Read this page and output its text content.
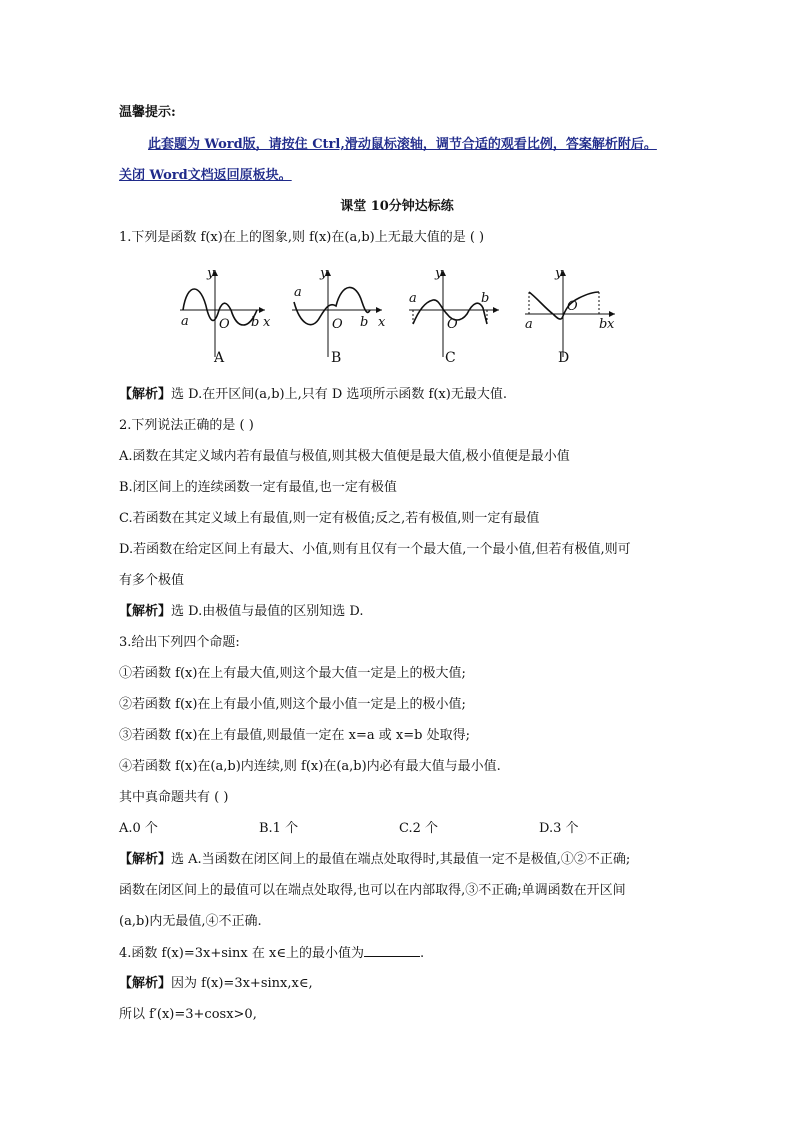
温馨提示:
此套题为 Word版，请按住 Ctrl,滑动鼠标滚轴，调节合适的观看比例，答案解析附后。
关闭 Word文档返回原板块。
课堂 10分钟达标练
1.下列是函数 f(x)在上的图象,则 f(x)在(a,b)上无最大值的是 ( )
y
x
O
a	b
y
x
O
a
b
y
O
a	b
y
x
O
a	b
A	B	C	D
【解析】选 D.在开区间(a,b)上,只有 D 选项所示函数 f(x)无最大值.
2.下列说法正确的是 ( )
A.函数在其定义域内若有最值与极值,则其极大值便是最大值,极小值便是最小值
B.闭区间上的连续函数一定有最值,也一定有极值
C.若函数在其定义域上有最值,则一定有极值;反之,若有极值,则一定有最值
D.若函数在给定区间上有最大、小值,则有且仅有一个最大值,一个最小值,但若有极值,则可
有多个极值
【解析】选 D.由极值与最值的区别知选 D.
3.给出下列四个命题:
①若函数 f(x)在上有最大值,则这个最大值一定是上的极大值;
②若函数 f(x)在上有最小值,则这个最小值一定是上的极小值;
③若函数 f(x)在上有最值,则最值一定在 x=a 或 x=b 处取得;
④若函数 f(x)在(a,b)内连续,则 f(x)在(a,b)内必有最大值与最小值.
其中真命题共有 ( )
A.0 个	B.1 个	C.2 个	D.3 个
【解析】选 A.当函数在闭区间上的最值在端点处取得时,其最值一定不是极值,①②不正确;
函数在闭区间上的最值可以在端点处取得,也可以在内部取得,③不正确;单调函数在开区间
(a,b)内无最值,④不正确.
4.函数 f(x)=3x+sinx 在 x∈上的最小值为	.
【解析】因为 f(x)=3x+sinx,x∈,
所以 f′(x)=3+cosx>0,
